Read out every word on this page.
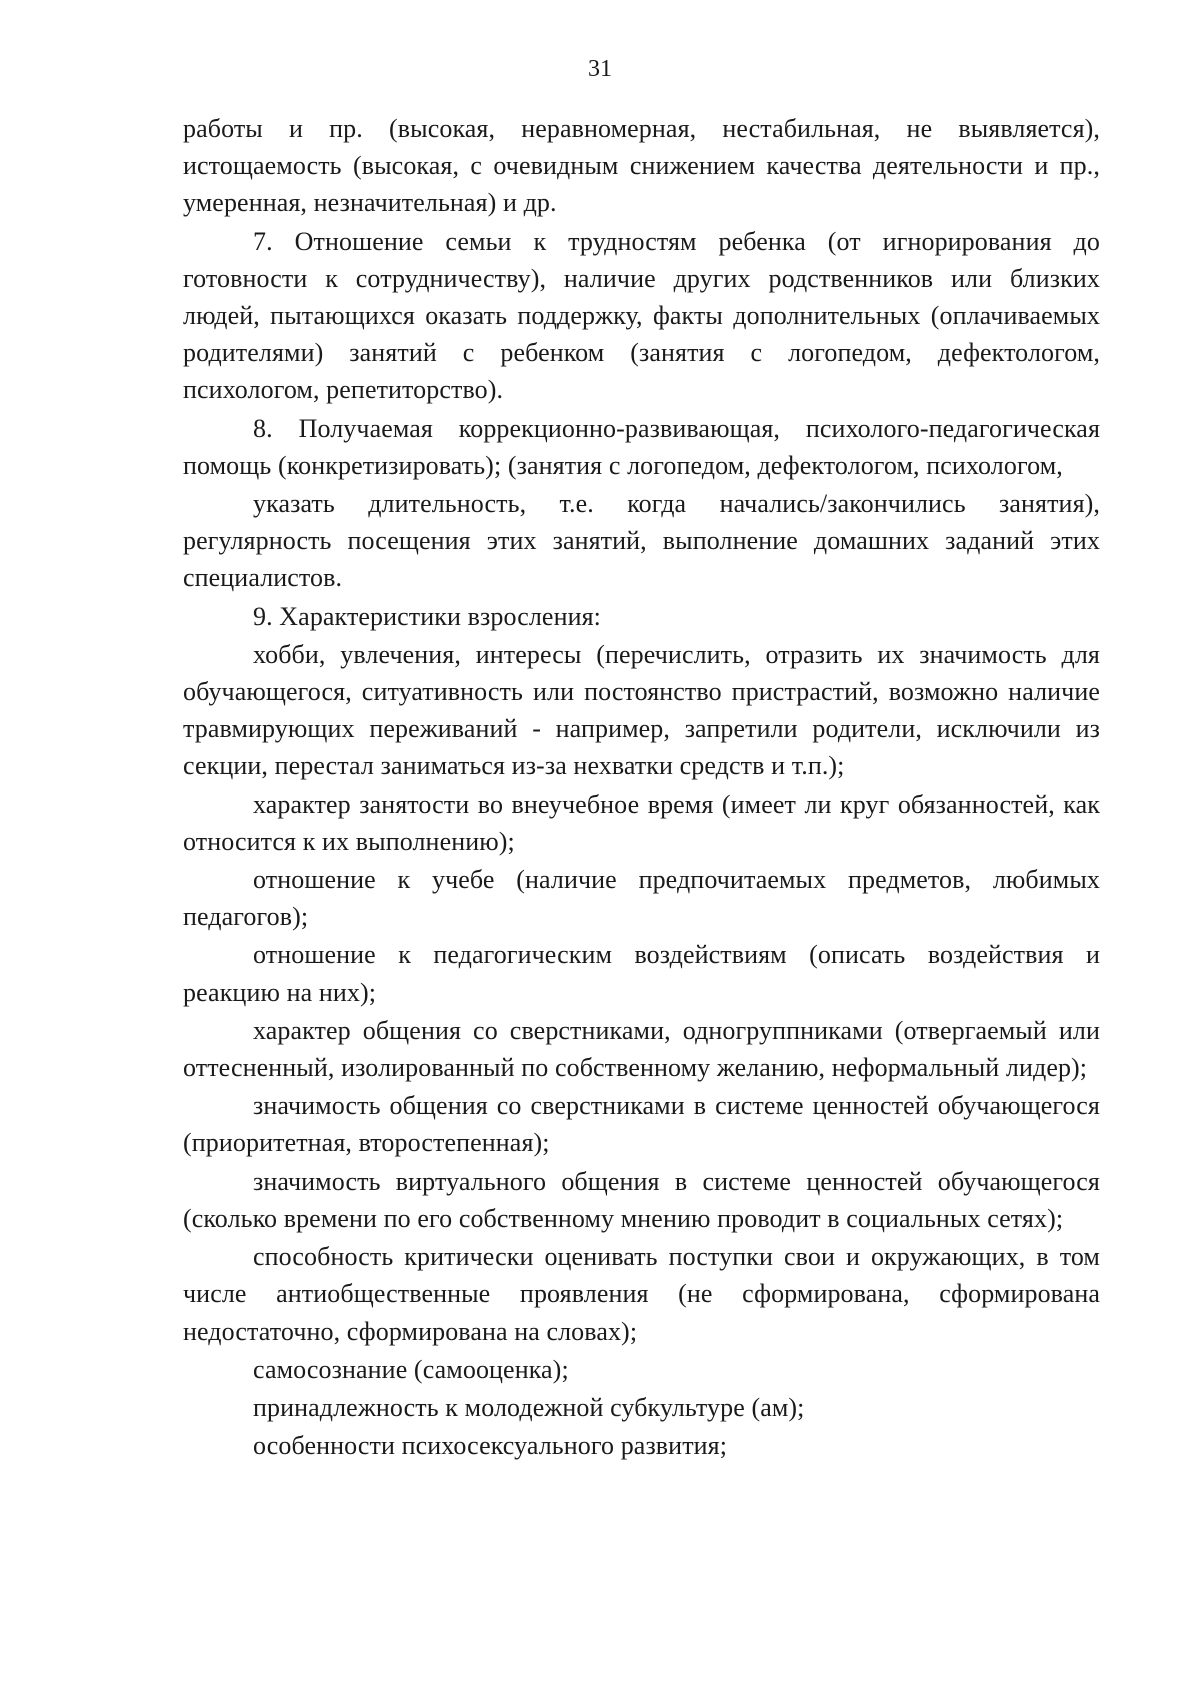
31

работы и пр. (высокая, неравномерная, нестабильная, не выявляется), истощаемость (высокая, с очевидным снижением качества деятельности и пр., умеренная, незначительная) и др.

7. Отношение семьи к трудностям ребенка (от игнорирования до готовности к сотрудничеству), наличие других родственников или близких людей, пытающихся оказать поддержку, факты дополнительных (оплачиваемых родителями) занятий с ребенком (занятия с логопедом, дефектологом, психологом, репетиторство).

8. Получаемая коррекционно-развивающая, психолого-педагогическая помощь (конкретизировать); (занятия с логопедом, дефектологом, психологом,

указать длительность, т.е. когда начались/закончились занятия), регулярность посещения этих занятий, выполнение домашних заданий этих специалистов.

9. Характеристики взросления:

хобби, увлечения, интересы (перечислить, отразить их значимость для обучающегося, ситуативность или постоянство пристрастий, возможно наличие травмирующих переживаний - например, запретили родители, исключили из секции, перестал заниматься из-за нехватки средств и т.п.);

характер занятости во внеучебное время (имеет ли круг обязанностей, как относится к их выполнению);

отношение к учебе (наличие предпочитаемых предметов, любимых педагогов);

отношение к педагогическим воздействиям (описать воздействия и реакцию на них);

характер общения со сверстниками, одногруппниками (отвергаемый или оттесненный, изолированный по собственному желанию, неформальный лидер);

значимость общения со сверстниками в системе ценностей обучающегося (приоритетная, второстепенная);

значимость виртуального общения в системе ценностей обучающегося (сколько времени по его собственному мнению проводит в социальных сетях);

способность критически оценивать поступки свои и окружающих, в том числе антиобщественные проявления (не сформирована, сформирована недостаточно, сформирована на словах);

самосознание (самооценка);

принадлежность к молодежной субкультуре (ам);

особенности психосексуального развития;
